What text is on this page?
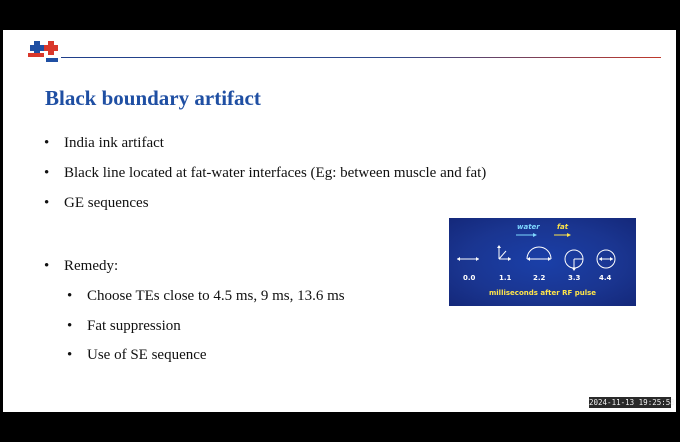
Black boundary artifact
• India ink artifact
• Black line located at fat-water interfaces (Eg: between muscle and fat)
• GE sequences
• Remedy:
• Choose TEs close to 4.5 ms, 9 ms, 13.6 ms
• Fat suppression
• Use of SE sequence
water fat
0.0	1.1	2.2	3.3	4.4
milliseconds after RF pulse
2024-11-13 19:25:58
